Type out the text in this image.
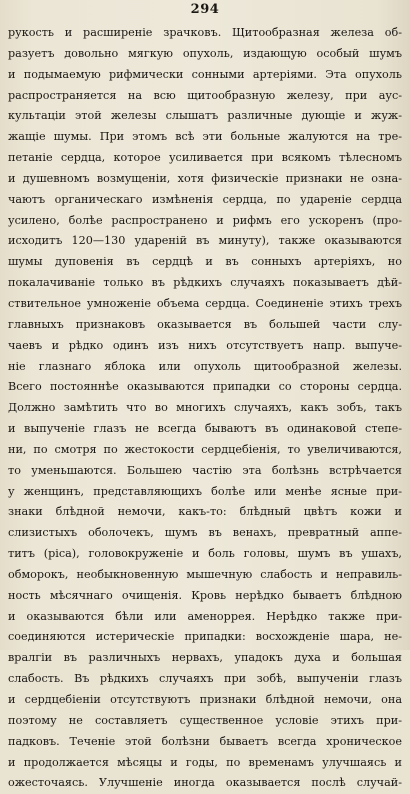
294
рукость и расширеніе зрачковъ. Щитообразная железа об-
разуетъ довольно мягкую опухоль, издающую особый шумъ
и подымаемую рифмически сонными артеріями. Эта опухоль
распространяется на всю щитообразную железу, при аус-
культаціи этой железы слышатъ различные дующіе и жуж-
жащіе шумы. При этомъ всѣ эти больные жалуются на тре-
петаніе сердца, которое усиливается при всякомъ тѣлесномъ
и душевномъ возмущеніи, хотя физическіе признаки не озна-
чаютъ органическаго измѣненія сердца, по удареніе сердца
усилено, болѣе распространено и рифмъ его ускоренъ (про-
исходитъ 120—130 ударенiй въ минуту), также оказываются
шумы дуповенія въ сердцѣ и въ сонныхъ артеріяхъ, но
покалачиваніе только въ рѣдкихъ случаяхъ показываетъ дѣй-
ствительное умноженіе объема сердца. Соединеніе этихъ трехъ
главныхъ признаковъ оказывается въ большей части слу-
чаевъ и рѣдко одинъ изъ нихъ отсутствуетъ напр. выпуче-
ніе глазнаго яблока или опухоль щитообразной железы.
Всего постояннѣе оказываются припадки со стороны сердца.
Должно замѣтить что во многихъ случаяхъ, какъ зобъ, такъ
и выпученіе глазъ не всегда бываютъ въ одинаковой степе-
ни, по смотря по жестокости сердцебіенія, то увеличиваются,
то уменьшаются. Большею частію эта болѣзнь встрѣчается
у женщинъ, представляющихъ болѣе или менѣе ясные при-
знаки блѣдной немочи, какъ-то: блѣдный цвѣтъ кожи и
слизистыхъ оболочекъ, шумъ въ венахъ, превратный аппе-
титъ (pica), головокруженіе и боль головы, шумъ въ ушахъ,
обморокъ, необыкновенную мышечную слабость и неправиль-
ность мѣсячнаго очищенія. Кровь нерѣдко бываетъ блѣдною
и оказываются бѣли или аменоррея. Нерѣдко также при-
соединяются истерическіе припадки: восхожденіе шара, не-
вралгіи въ различныхъ нервахъ, упадокъ духа и большая
слабость. Въ рѣдкихъ случаяхъ при зобѣ, выпученіи глазъ
и сердцебіеніи отсутствуютъ признаки блѣдной немочи, она
поэтому не составляетъ существенное условіе этихъ при-
падковъ. Теченіе этой болѣзни бываетъ всегда хроническое
и продолжается мѣсяцы и годы, по временамъ улучшаясь и
ожесточаясь. Улучшеніе иногда оказывается послѣ случай-
